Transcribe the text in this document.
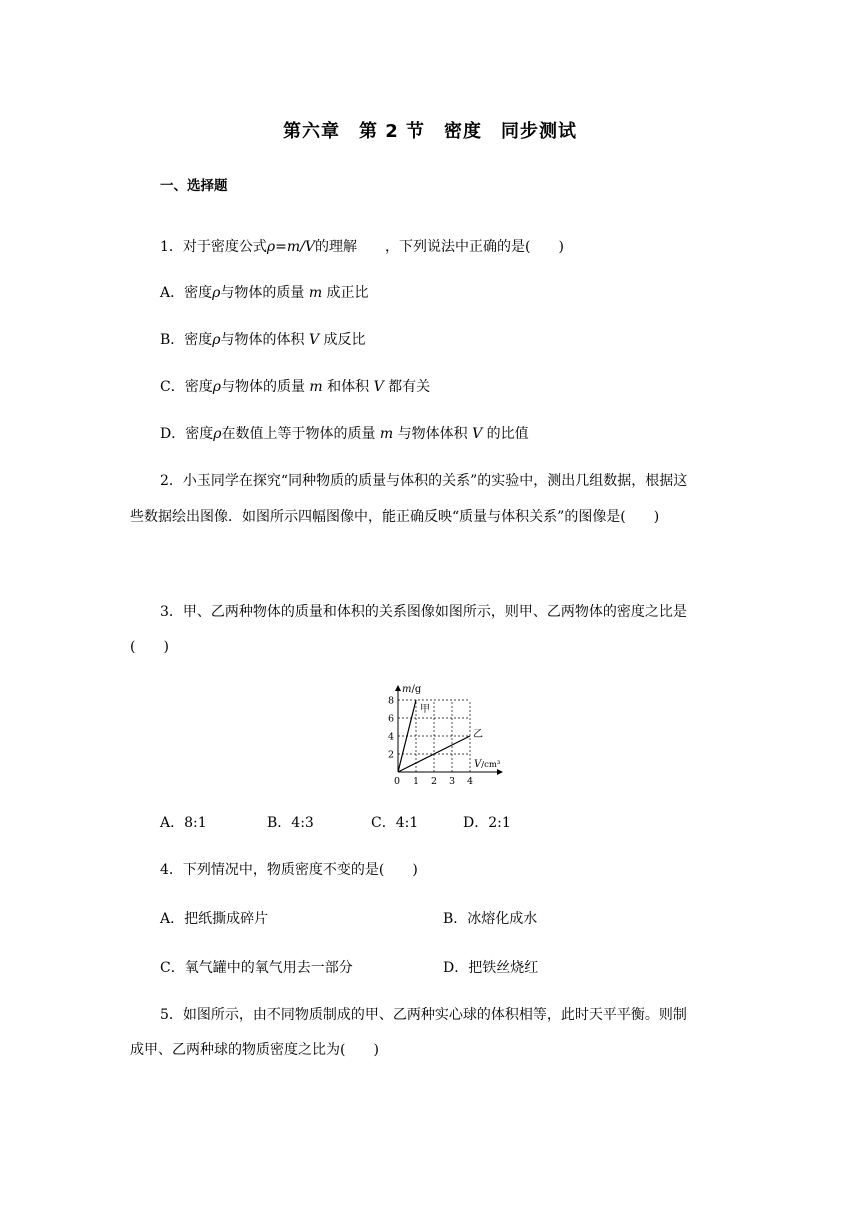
第六章　第 2 节　密度　同步测试
一、选择题
1．对于密度公式ρ=m/V的理解　　，下列说法中正确的是(　　)
A．密度ρ与物体的质量 m 成正比
B．密度ρ与物体的体积 V 成反比
C．密度ρ与物体的质量 m 和体积 V 都有关
D．密度ρ在数值上等于物体的质量 m 与物体体积 V 的比值
2．小玉同学在探究“同种物质的质量与体积的关系”的实验中，测出几组数据，根据这
些数据绘出图像．如图所示四幅图像中，能正确反映“质量与体积关系”的图像是(　　)
3．甲、乙两种物体的质量和体积的关系图像如图所示，则甲、乙两物体的密度之比是
(　　)
甲
乙
1 2 3 4
2
4
6
8
0
m/g
V/cm³
A．8:1	B．4:3	C．4:1	D．2:1
4．下列情况中，物质密度不变的是(　　)
A．把纸撕成碎片	B．冰熔化成水
C．氧气罐中的氧气用去一部分	D．把铁丝烧红
5．如图所示，由不同物质制成的甲、乙两种实心球的体积相等，此时天平平衡。则制
成甲、乙两种球的物质密度之比为(　　)
